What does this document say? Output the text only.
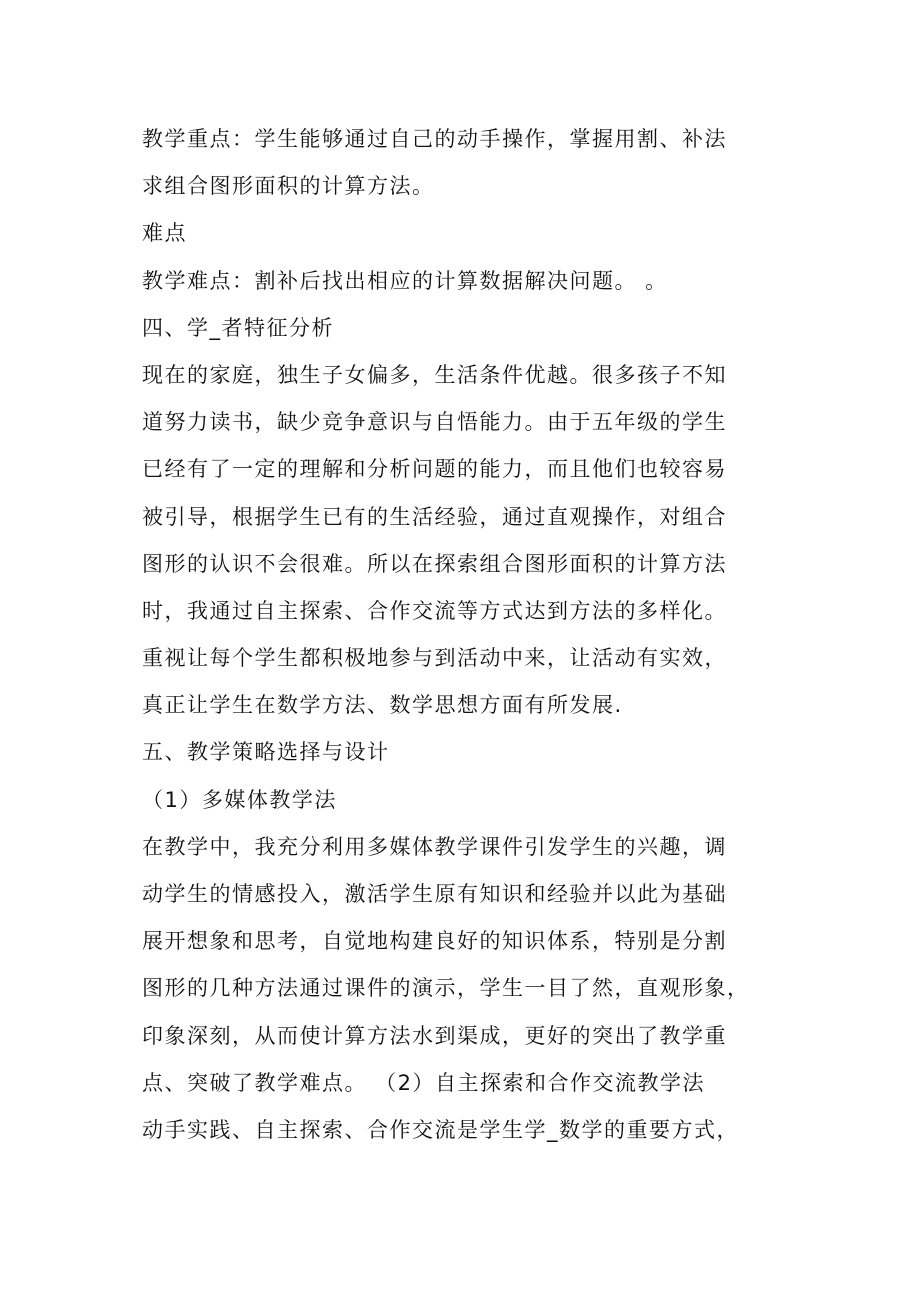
教学重点：学生能够通过自己的动手操作，掌握用割、补法
求组合图形面积的计算方法。
难点
教学难点：割补后找出相应的计算数据解决问题。 。
四、学_者特征分析
现在的家庭，独生子女偏多，生活条件优越。很多孩子不知
道努力读书，缺少竞争意识与自悟能力。由于五年级的学生
已经有了一定的理解和分析问题的能力，而且他们也较容易
被引导，根据学生已有的生活经验，通过直观操作，对组合
图形的认识不会很难。所以在探索组合图形面积的计算方法
时，我通过自主探索、合作交流等方式达到方法的多样化。
重视让每个学生都积极地参与到活动中来，让活动有实效，
真正让学生在数学方法、数学思想方面有所发展.
五、教学策略选择与设计
（1）多媒体教学法
在教学中，我充分利用多媒体教学课件引发学生的兴趣，调
动学生的情感投入，激活学生原有知识和经验并以此为基础
展开想象和思考，自觉地构建良好的知识体系，特别是分割
图形的几种方法通过课件的演示，学生一目了然，直观形象，
印象深刻，从而使计算方法水到渠成，更好的突出了教学重
点、突破了教学难点。 （2）自主探索和合作交流教学法
动手实践、自主探索、合作交流是学生学_数学的重要方式，
